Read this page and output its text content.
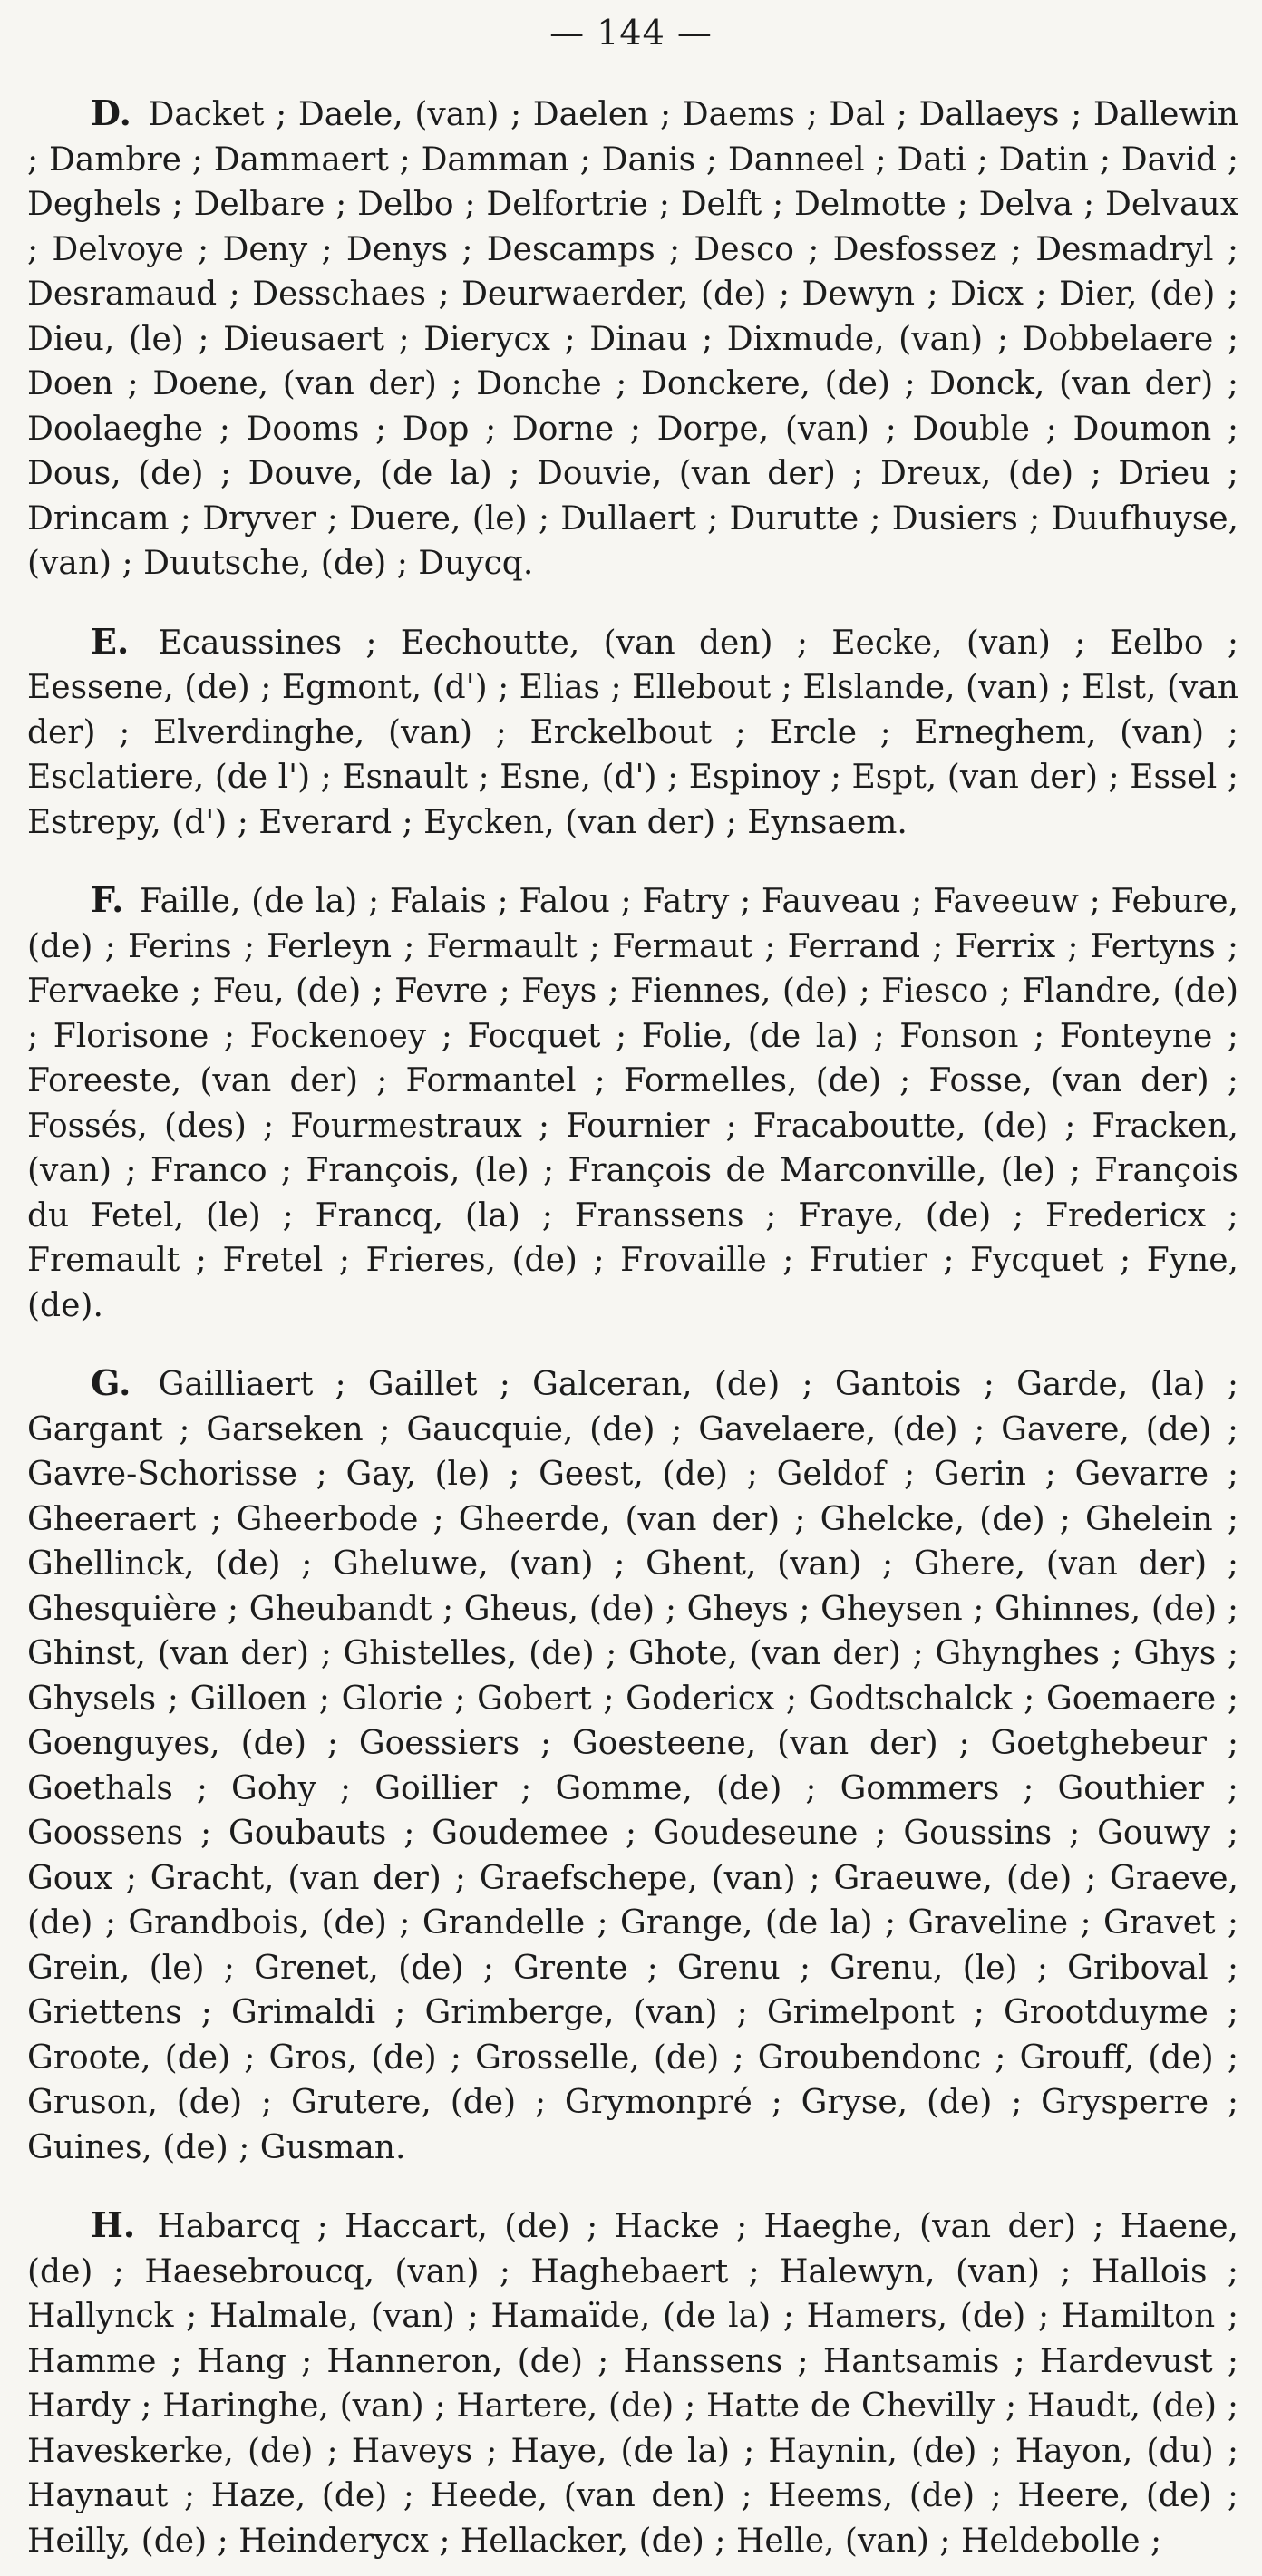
— 144 —

D. Dacket ; Daele, (van) ; Daelen ; Daems ; Dal ; Dallaeys ; Dallewin ; Dambre ; Dammaert ; Damman ; Danis ; Danneel ; Dati ; Datin ; David ; Deghels ; Delbare ; Delbo ; Delfortrie ; Delft ; Delmotte ; Delva ; Delvaux ; Delvoye ; Deny ; Denys ; Descamps ; Desco ; Desfossez ; Desmadryl ; Desramaud ; Desschaes ; Deurwaerder, (de) ; Dewyn ; Dicx ; Dier, (de) ; Dieu, (le) ; Dieusaert ; Dierycx ; Dinau ; Dixmude, (van) ; Dobbelaere ; Doen ; Doene, (van der) ; Donche ; Donckere, (de) ; Donck, (van der) ; Doolaeghe ; Dooms ; Dop ; Dorne ; Dorpe, (van) ; Double ; Doumon ; Dous, (de) ; Douve, (de la) ; Douvie, (van der) ; Dreux, (de) ; Drieu ; Drincam ; Dryver ; Duere, (le) ; Dullaert ; Durutte ; Dusiers ; Duufhuyse, (van) ; Duutsche, (de) ; Duycq.

E. Ecaussines ; Eechoutte, (van den) ; Eecke, (van) ; Eelbo ; Eessene, (de) ; Egmont, (d') ; Elias ; Ellebout ; Elslande, (van) ; Elst, (van der) ; Elverdinghe, (van) ; Erckelbout ; Ercle ; Erneghem, (van) ; Esclatiere, (de l') ; Esnault ; Esne, (d') ; Espinoy ; Espt, (van der) ; Essel ; Estrepy, (d') ; Everard ; Eycken, (van der) ; Eynsaem.

F. Faille, (de la) ; Falais ; Falou ; Fatry ; Fauveau ; Faveeuw ; Febure, (de) ; Ferins ; Ferleyn ; Fermault ; Fermaut ; Ferrand ; Ferrix ; Fertyns ; Fervaeke ; Feu, (de) ; Fevre ; Feys ; Fiennes, (de) ; Fiesco ; Flandre, (de) ; Florisone ; Fockenoey ; Focquet ; Folie, (de la) ; Fonson ; Fonteyne ; Foreeste, (van der) ; Formantel ; Formelles, (de) ; Fosse, (van der) ; Fossés, (des) ; Fourmestraux ; Fournier ; Fracaboutte, (de) ; Fracken, (van) ; Franco ; François, (le) ; François de Marconville, (le) ; François du Fetel, (le) ; Francq, (la) ; Franssens ; Fraye, (de) ; Fredericx ; Fremault ; Fretel ; Frieres, (de) ; Frovaille ; Frutier ; Fycquet ; Fyne, (de).

G. Gailliaert ; Gaillet ; Galceran, (de) ; Gantois ; Garde, (la) ; Gargant ; Garseken ; Gaucquie, (de) ; Gavelaere, (de) ; Gavere, (de) ; Gavre-Schorisse ; Gay, (le) ; Geest, (de) ; Geldof ; Gerin ; Gevarre ; Gheeraert ; Gheerbode ; Gheerde, (van der) ; Ghelcke, (de) ; Ghelein ; Ghellinck, (de) ; Gheluwe, (van) ; Ghent, (van) ; Ghere, (van der) ; Ghesquière ; Gheubandt ; Gheus, (de) ; Gheys ; Gheysen ; Ghinnes, (de) ; Ghinst, (van der) ; Ghistelles, (de) ; Ghote, (van der) ; Ghynghes ; Ghys ; Ghysels ; Gilloen ; Glorie ; Gobert ; Godericx ; Godtschalck ; Goemaere ; Goenguyes, (de) ; Goessiers ; Goesteene, (van der) ; Goetghebeur ; Goethals ; Gohy ; Goillier ; Gomme, (de) ; Gommers ; Gouthier ; Goossens ; Goubauts ; Goudemee ; Goudeseune ; Goussins ; Gouwy ; Goux ; Gracht, (van der) ; Graefschepe, (van) ; Graeuwe, (de) ; Graeve, (de) ; Grandbois, (de) ; Grandelle ; Grange, (de la) ; Graveline ; Gravet ; Grein, (le) ; Grenet, (de) ; Grente ; Grenu ; Grenu, (le) ; Griboval ; Griettens ; Grimaldi ; Grimberge, (van) ; Grimelpont ; Grootduyme ; Groote, (de) ; Gros, (de) ; Grosselle, (de) ; Groubendonc ; Grouff, (de) ; Gruson, (de) ; Grutere, (de) ; Grymonpré ; Gryse, (de) ; Grysperre ; Guines, (de) ; Gusman.

H. Habarcq ; Haccart, (de) ; Hacke ; Haeghe, (van der) ; Haene, (de) ; Haesebroucq, (van) ; Haghebaert ; Halewyn, (van) ; Hallois ; Hallynck ; Halmale, (van) ; Hamaïde, (de la) ; Hamers, (de) ; Hamilton ; Hamme ; Hang ; Hanneron, (de) ; Hanssens ; Hantsamis ; Hardevust ; Hardy ; Haringhe, (van) ; Hartere, (de) ; Hatte de Chevilly ; Haudt, (de) ; Haveskerke, (de) ; Haveys ; Haye, (de la) ; Haynin, (de) ; Hayon, (du) ; Haynaut ; Haze, (de) ; Heede, (van den) ; Heems, (de) ; Heere, (de) ; Heilly, (de) ; Heinderycx ; Hellacker, (de) ; Helle, (van) ; Heldebolle ;
